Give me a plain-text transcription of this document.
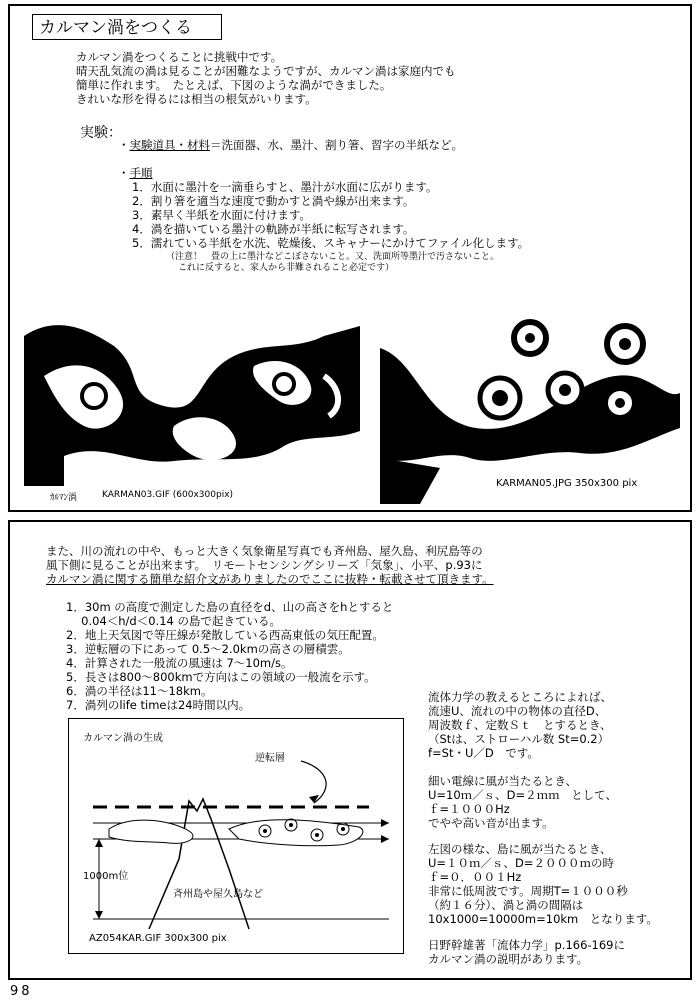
カルマン渦をつくる
カルマン渦をつくることに挑戦中です。
晴天乱気流の渦は見ることが困難なようですが、カルマン渦は家庭内でも
簡単に作れます。　たとえば、下図のような渦ができました。
きれいな形を得るには相当の根気がいります。
実験：
・実験道具・材料＝洗面器、水、墨汁、割り箸、習字の半紙など。
・手順
1．水面に墨汁を一滴垂らすと、墨汁が水面に広がります。
2．割り箸を適当な速度で動かすと渦や線が出来ます。
3．素早く半紙を水面に付けます。
4．渦を描いている墨汁の軌跡が半紙に転写されます。
5．濡れている半紙を水洗、乾燥後、スキャナーにかけてファイル化します。
（注意！　畳の上に墨汁などこぼさないこと。又、洗面所等墨汁で汚さないこと。
これに反すると、家人から非難されること必定です）
ｶﾙﾏﾝ渦	KARMAN03.GIF (600x300pix)
KARMAN05.JPG 350x300 pix
また、川の流れの中や、もっと大きく気象衛星写真でも斉州島、屋久島、利尻島等の
風下側に見ることが出来ます。　リモートセンシングシリーズ「気象」、小平、p.93に
カルマン渦に関する簡単な紹介文がありましたのでここに抜粋・転載させて頂きます。
1．30m の高度で測定した島の直径をd、山の高さをhとすると
　 0.04＜h/d＜0.14 の島で起きている。
2．地上天気図で等圧線が発散している西高東低の気圧配置。
3．逆転層の下にあって 0.5〜2.0kmの高さの層積雲。
4．計算された一般流の風速は 7〜10m/s。
5．長さは800〜800kmで方向はこの領域の一般流を示す。
6．渦の半径は11〜18km。
7．渦列のlife timeは24時間以内。
流体力学の教えるところによれば、
流速U、流れの中の物体の直径D、
周波数ｆ、定数Ｓｔ　とするとき、
（Stは、ストローハル数 St=0.2）
f=St・U／D　です。
細い電線に風が当たるとき、
U=10ｍ／ｓ、D=２ｍｍ　として、
ｆ=１０００Hz
でやや高い音が出ます。
左図の様な、島に風が当たるとき、
U=１０ｍ／ｓ、D=２０００ｍの時
ｆ=０．００１Hz
非常に低周波です。周期T=１０００秒
（約１６分）、渦と渦の間隔は
10x1000=10000m=10km　となります。
日野幹雄著「流体力学」p.166-169に
カルマン渦の説明があります。
カルマン渦の生成
逆転層
1000m位
斉州島や屋久島など
AZ054KAR.GIF 300x300 pix
98
